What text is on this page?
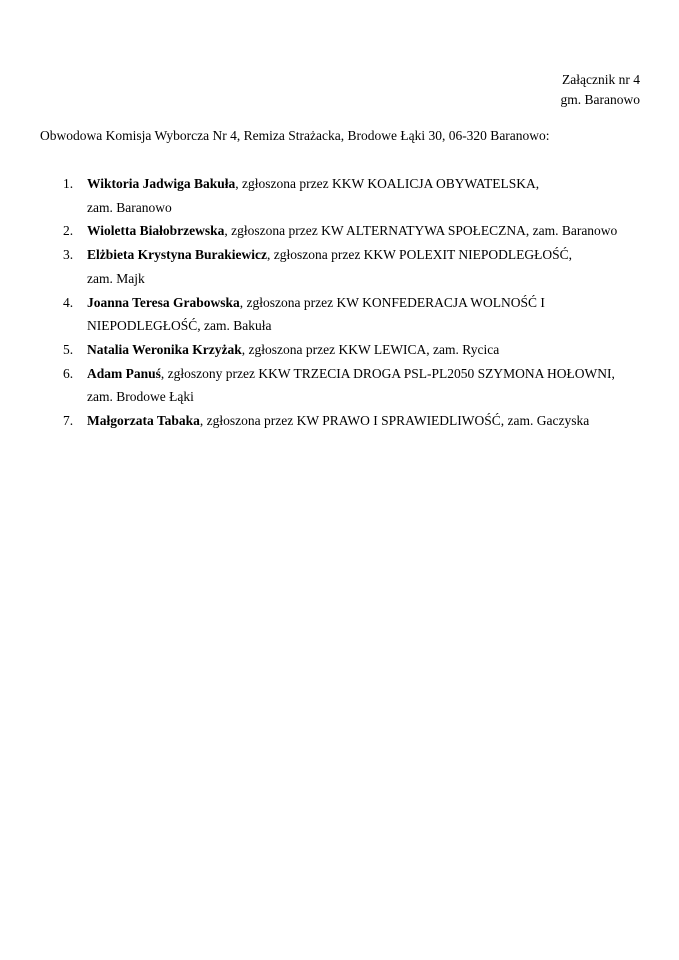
Załącznik nr 4
gm. Baranowo
Obwodowa Komisja Wyborcza Nr 4, Remiza Strażacka, Brodowe Łąki 30, 06-320 Baranowo:
1.	Wiktoria Jadwiga Bakuła, zgłoszona przez KKW KOALICJA OBYWATELSKA,
zam. Baranowo
2.	Wioletta Białobrzewska, zgłoszona przez KW ALTERNATYWA SPOŁECZNA, zam. Baranowo
3.	Elżbieta Krystyna Burakiewicz, zgłoszona przez KKW POLEXIT NIEPODLEGŁOŚĆ,
zam. Majk
4.	Joanna Teresa Grabowska, zgłoszona przez KW KONFEDERACJA WOLNOŚĆ I
NIEPODLEGŁOŚĆ, zam. Bakuła
5.	Natalia Weronika Krzyżak, zgłoszona przez KKW LEWICA, zam. Rycica
6.	Adam Panuś, zgłoszony przez KKW TRZECIA DROGA PSL-PL2050 SZYMONA HOŁOWNI,
zam. Brodowe Łąki
7.	Małgorzata Tabaka, zgłoszona przez KW PRAWO I SPRAWIEDLIWOŚĆ, zam. Gaczyska
